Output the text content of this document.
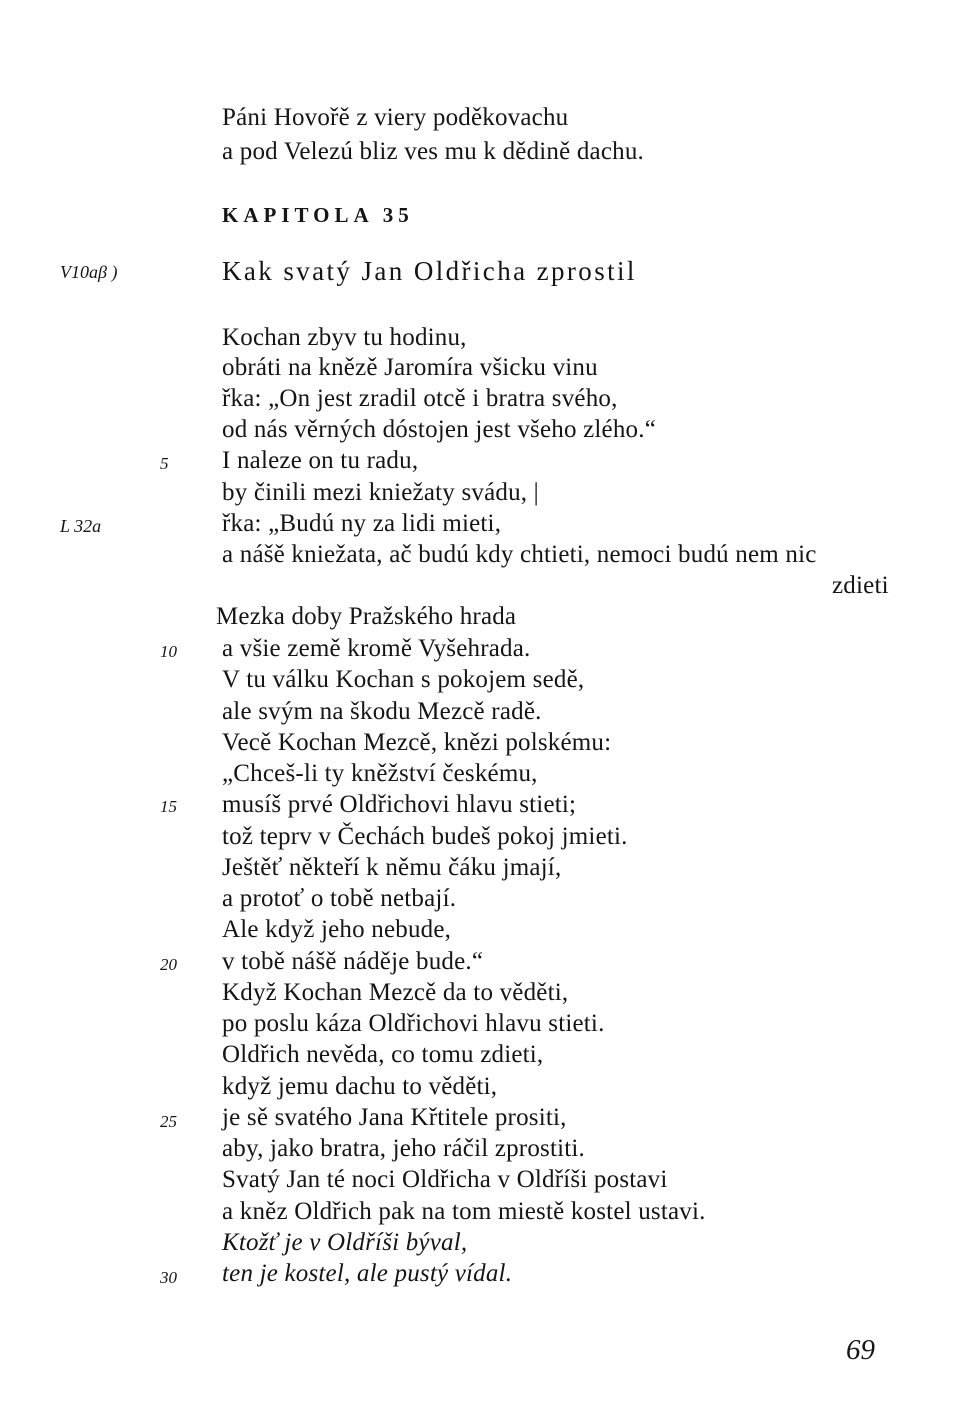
Páni Hovořě z viery poděkovachu
a pod Velezú bliz ves mu k dědině dachu.
KAPITOLA 35
V10aβ )	Kak svatý Jan Oldřicha zprostil
Kochan zbyv tu hodinu,
obráti na knězě Jaromíra všicku vinu
řka: „On jest zradil otcě i bratra svého,
od nás věrných dóstojen jest všeho zlého.“
5 I naleze on tu radu,
by činili mezi kniežaty svádu, |
L 32a	řka: „Budú ny za lidi mieti,
a nášě kniežata, ač budú kdy chtieti, nemoci budú nem nic
zdieti
Mezka doby Pražského hrada
10 a všie země kromě Vyšehrada.
V tu válku Kochan s pokojem sedě,
ale svým na škodu Mezcě radě.
Vecě Kochan Mezcě, knězi polskému:
„Chceš-li ty kněžství českému,
15 musíš prvé Oldřichovi hlavu stieti;
tož teprv v Čechách budeš pokoj jmieti.
Ještěť někteří k němu čáku jmají,
a protoť o tobě netbají.
Ale když jeho nebude,
20 v tobě nášě náděje bude.“
Když Kochan Mezcě da to věděti,
po poslu káza Oldřichovi hlavu stieti.
Oldřich nevěda, co tomu zdieti,
když jemu dachu to věděti,
25 je sě svatého Jana Křtitele prositi,
aby, jako bratra, jeho ráčil zprostiti.
Svatý Jan té noci Oldřicha v Oldříši postavi
a kněz Oldřich pak na tom miestě kostel ustavi.
Ktožť je v Oldříši býval,
30 ten je kostel, ale pustý vídal.
69
